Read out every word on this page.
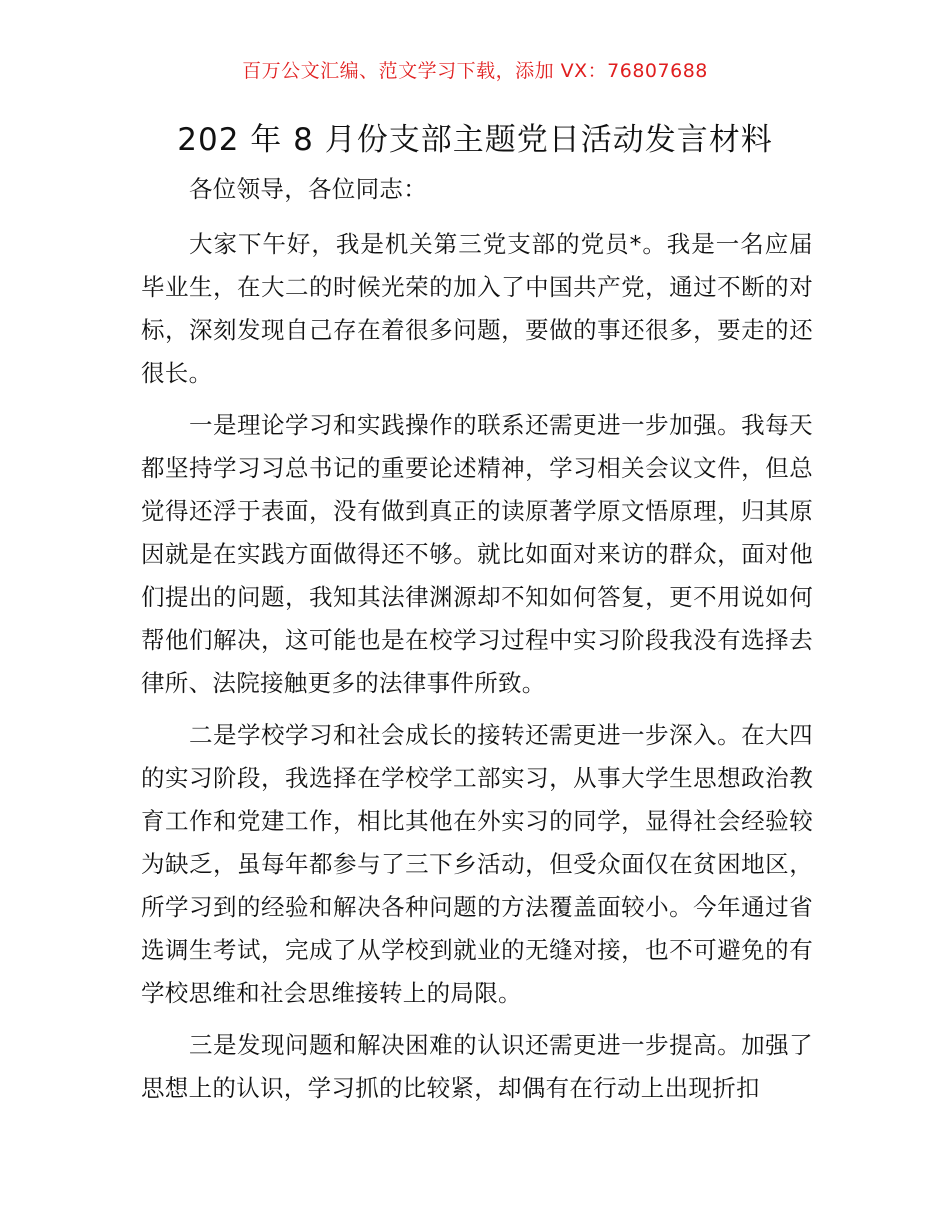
百万公文汇编、范文学习下载，添加 VX：76807688
202 年 8 月份支部主题党日活动发言材料

各位领导，各位同志：

大家下午好，我是机关第三党支部的党员*。我是一名应届毕业生，在大二的时候光荣的加入了中国共产党，通过不断的对标，深刻发现自己存在着很多问题，要做的事还很多，要走的还很长。

一是理论学习和实践操作的联系还需更进一步加强。我每天都坚持学习习总书记的重要论述精神，学习相关会议文件，但总觉得还浮于表面，没有做到真正的读原著学原文悟原理，归其原因就是在实践方面做得还不够。就比如面对来访的群众，面对他们提出的问题，我知其法律渊源却不知如何答复，更不用说如何帮他们解决，这可能也是在校学习过程中实习阶段我没有选择去律所、法院接触更多的法律事件所致。

二是学校学习和社会成长的接转还需更进一步深入。在大四的实习阶段，我选择在学校学工部实习，从事大学生思想政治教育工作和党建工作，相比其他在外实习的同学，显得社会经验较为缺乏，虽每年都参与了三下乡活动，但受众面仅在贫困地区，所学习到的经验和解决各种问题的方法覆盖面较小。今年通过省选调生考试，完成了从学校到就业的无缝对接，也不可避免的有学校思维和社会思维接转上的局限。

三是发现问题和解决困难的认识还需更进一步提高。加强了思想上的认识，学习抓的比较紧，却偶有在行动上出现折扣
